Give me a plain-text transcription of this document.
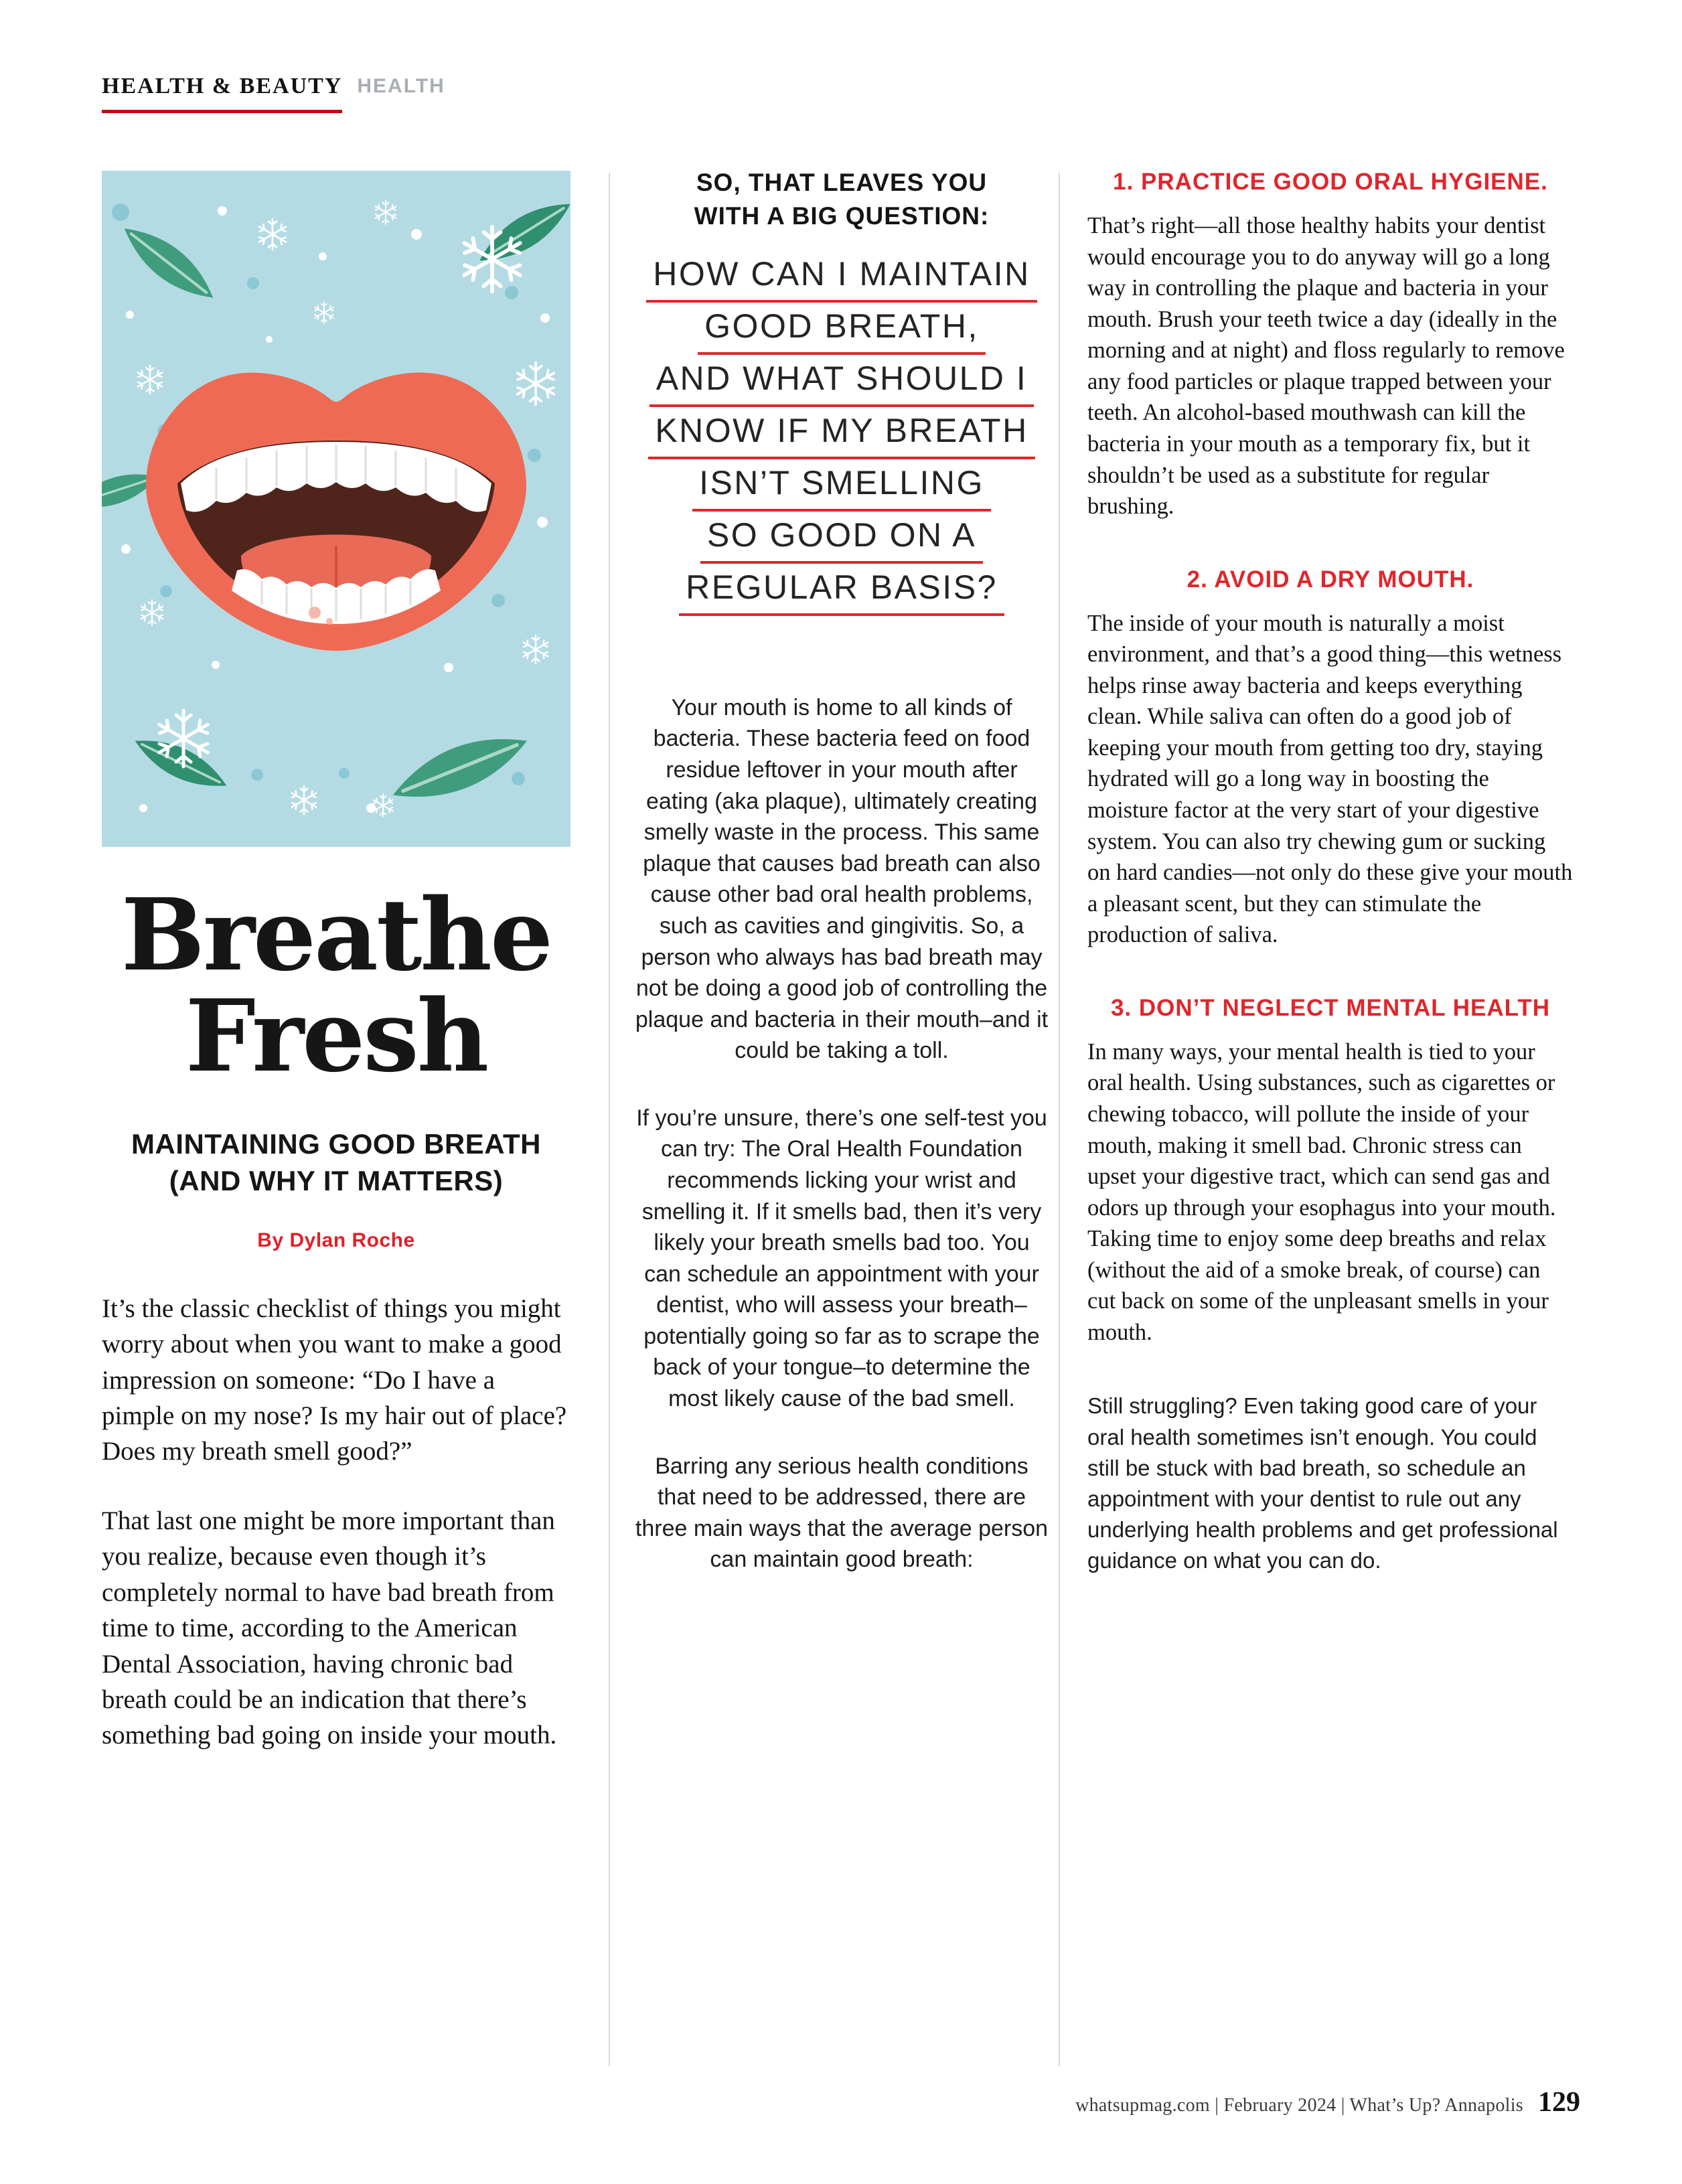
HEALTH & BEAUTY HEALTH
Breathe
Fresh
MAINTAINING GOOD BREATH
(AND WHY IT MATTERS)
By Dylan Roche

It’s the classic checklist of things you might worry about when you want to make a good impression on someone: “Do I have a pimple on my nose? Is my hair out of place? Does my breath smell good?”

That last one might be more important than you realize, because even though it’s completely normal to have bad breath from time to time, according to the American Dental Association, having chronic bad breath could be an indication that there’s something bad going on inside your mouth.

SO, THAT LEAVES YOU
WITH A BIG QUESTION:
HOW CAN I MAINTAIN
GOOD BREATH,
AND WHAT SHOULD I
KNOW IF MY BREATH
ISN’T SMELLING
SO GOOD ON A
REGULAR BASIS?

Your mouth is home to all kinds of bacteria. These bacteria feed on food residue leftover in your mouth after eating (aka plaque), ultimately creating smelly waste in the process. This same plaque that causes bad breath can also cause other bad oral health problems, such as cavities and gingivitis. So, a person who always has bad breath may not be doing a good job of controlling the plaque and bacteria in their mouth–and it could be taking a toll.

If you’re unsure, there’s one self-test you can try: The Oral Health Foundation recommends licking your wrist and smelling it. If it smells bad, then it’s very likely your breath smells bad too. You can schedule an appointment with your dentist, who will assess your breath–potentially going so far as to scrape the back of your tongue–to determine the most likely cause of the bad smell.

Barring any serious health conditions that need to be addressed, there are three main ways that the average person can maintain good breath:

1. PRACTICE GOOD ORAL HYGIENE.

That’s right—all those healthy habits your dentist would encourage you to do anyway will go a long way in controlling the plaque and bacteria in your mouth. Brush your teeth twice a day (ideally in the morning and at night) and floss regularly to remove any food particles or plaque trapped between your teeth. An alcohol-based mouthwash can kill the bacteria in your mouth as a temporary fix, but it shouldn’t be used as a substitute for regular brushing.

2. AVOID A DRY MOUTH.

The inside of your mouth is naturally a moist environment, and that’s a good thing—this wetness helps rinse away bacteria and keeps everything clean. While saliva can often do a good job of keeping your mouth from getting too dry, staying hydrated will go a long way in boosting the moisture factor at the very start of your digestive system. You can also try chewing gum or sucking on hard candies—not only do these give your mouth a pleasant scent, but they can stimulate the production of saliva.

3. DON’T NEGLECT MENTAL HEALTH

In many ways, your mental health is tied to your oral health. Using substances, such as cigarettes or chewing tobacco, will pollute the inside of your mouth, making it smell bad. Chronic stress can upset your digestive tract, which can send gas and odors up through your esophagus into your mouth. Taking time to enjoy some deep breaths and relax (without the aid of a smoke break, of course) can cut back on some of the unpleasant smells in your mouth.

Still struggling? Even taking good care of your oral health sometimes isn’t enough. You could still be stuck with bad breath, so schedule an appointment with your dentist to rule out any underlying health problems and get professional guidance on what you can do.

whatsupmag.com | February 2024 | What’s Up? Annapolis 129
